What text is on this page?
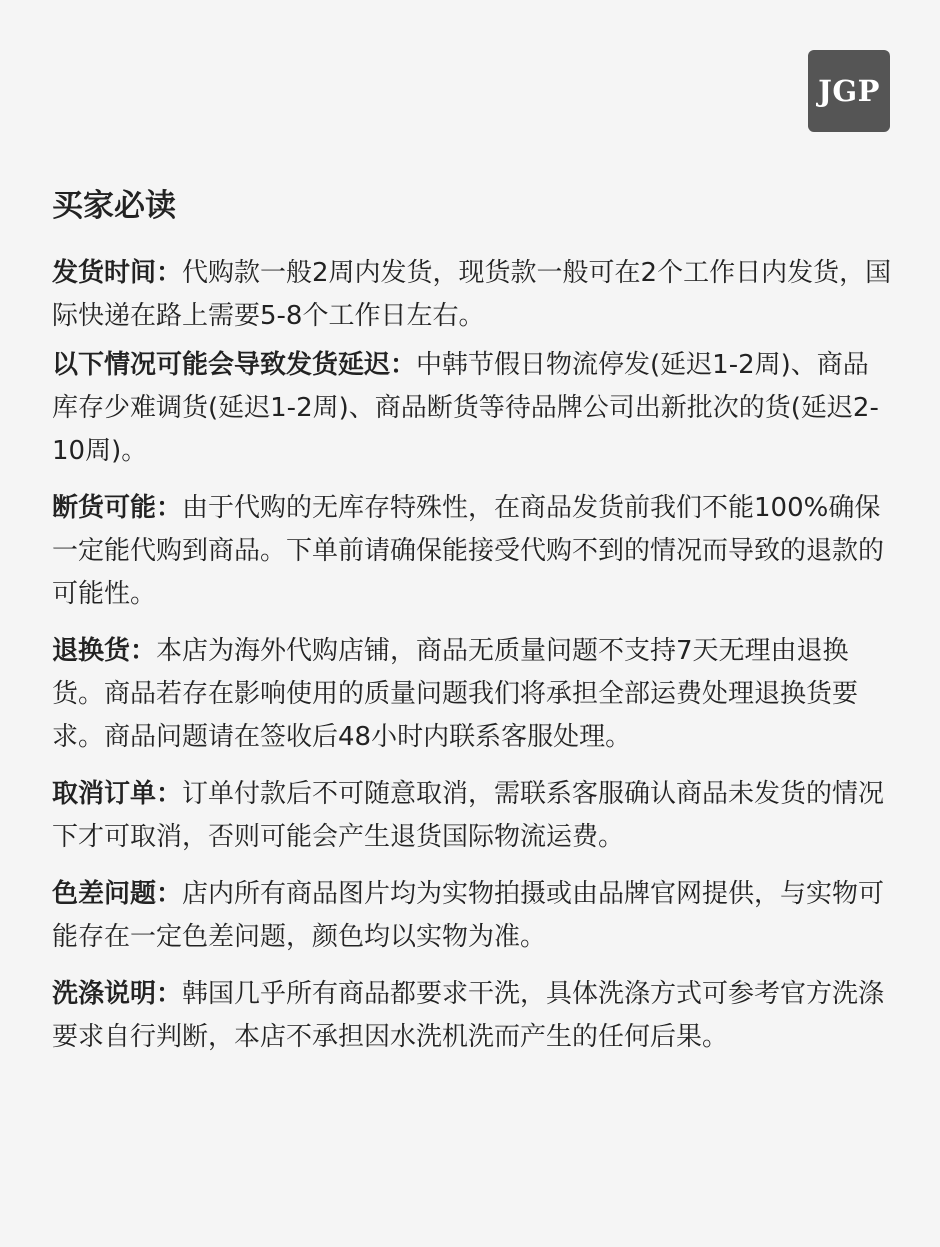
JGP
买家必读

发货时间：代购款一般2周内发货，现货款一般可在2个工作日内发货，国际快递在路上需要5-8个工作日左右。

以下情况可能会导致发货延迟：中韩节假日物流停发(延迟1-2周)、商品库存少难调货(延迟1-2周)、商品断货等待品牌公司出新批次的货(延迟2-10周)。

断货可能：由于代购的无库存特殊性，在商品发货前我们不能100%确保一定能代购到商品。下单前请确保能接受代购不到的情况而导致的退款的可能性。

退换货：本店为海外代购店铺，商品无质量问题不支持7天无理由退换货。商品若存在影响使用的质量问题我们将承担全部运费处理退换货要求。商品问题请在签收后48小时内联系客服处理。

取消订单：订单付款后不可随意取消，需联系客服确认商品未发货的情况下才可取消，否则可能会产生退货国际物流运费。

色差问题：店内所有商品图片均为实物拍摄或由品牌官网提供，与实物可能存在一定色差问题，颜色均以实物为准。

洗涤说明：韩国几乎所有商品都要求干洗，具体洗涤方式可参考官方洗涤要求自行判断，本店不承担因水洗机洗而产生的任何后果。
